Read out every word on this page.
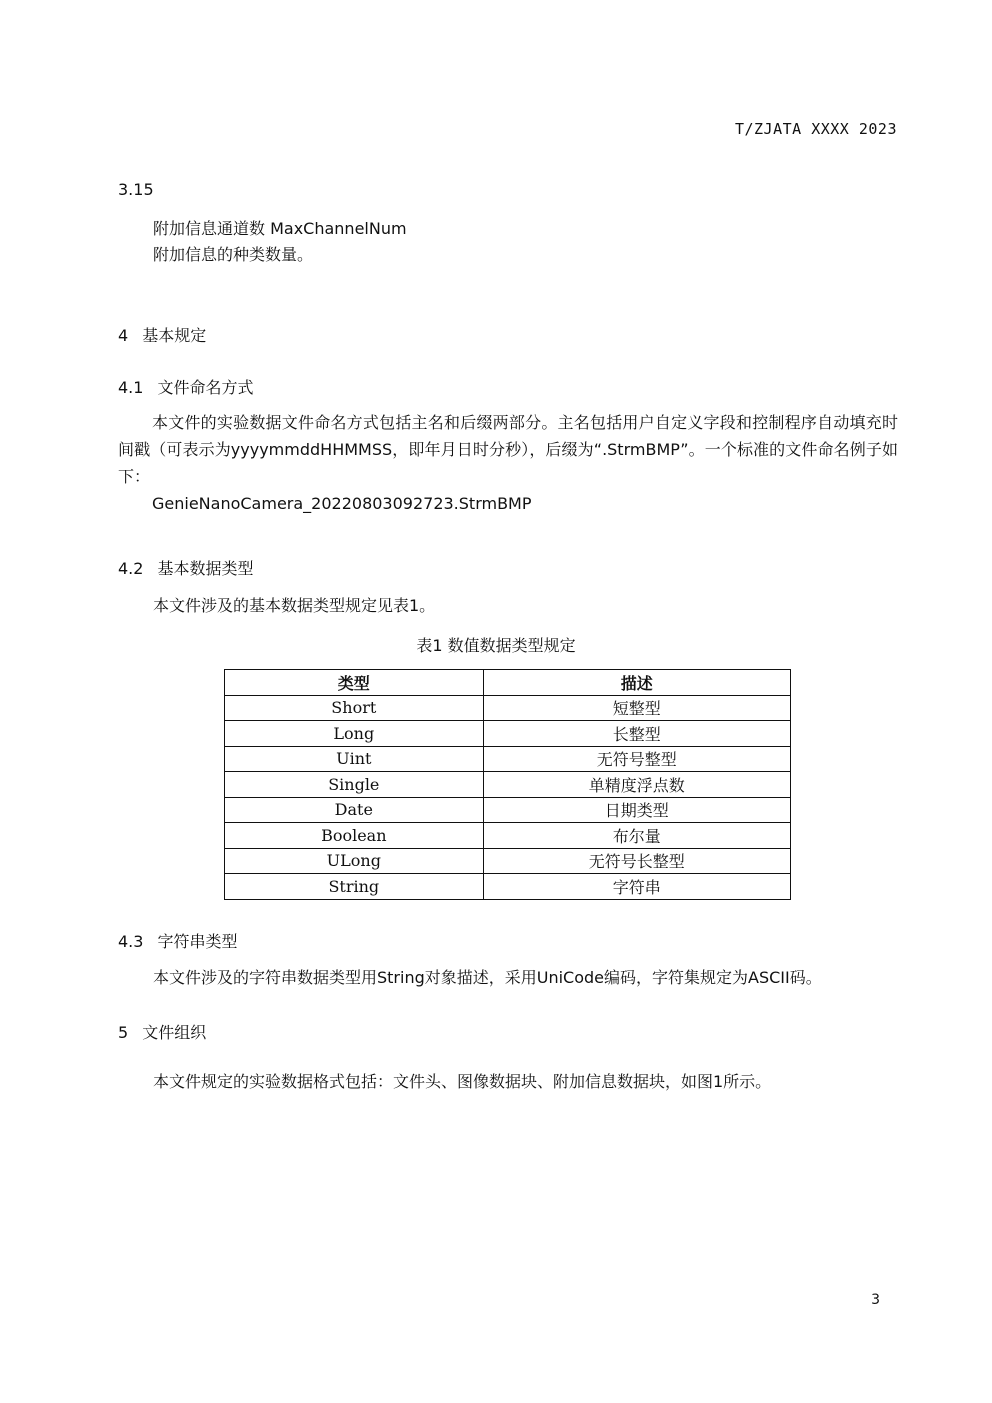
T/ZJATA XXXX 2023
3.15
附加信息通道数 MaxChannelNum
附加信息的种类数量。
4 基本规定
4.1 文件命名方式

本文件的实验数据文件命名方式包括主名和后缀两部分。主名包括用户自定义字段和控制程序自动填充时间戳（可表示为yyyymmddHHMMSS，即年月日时分秒），后缀为“.StrmBMP”。一个标准的文件命名例子如下：

GenieNanoCamera_20220803092723.StrmBMP

4.2 基本数据类型
本文件涉及的基本数据类型规定见表1。
表1 数值数据类型规定
类型	描述
Short	短整型
Long	长整型
Uint	无符号整型
Single	单精度浮点数
Date	日期类型
Boolean	布尔量
ULong	无符号长整型
String	字符串
4.3 字符串类型
本文件涉及的字符串数据类型用String对象描述，采用UniCode编码，字符集规定为ASCII码。
5 文件组织
本文件规定的实验数据格式包括：文件头、图像数据块、附加信息数据块，如图1所示。
3
